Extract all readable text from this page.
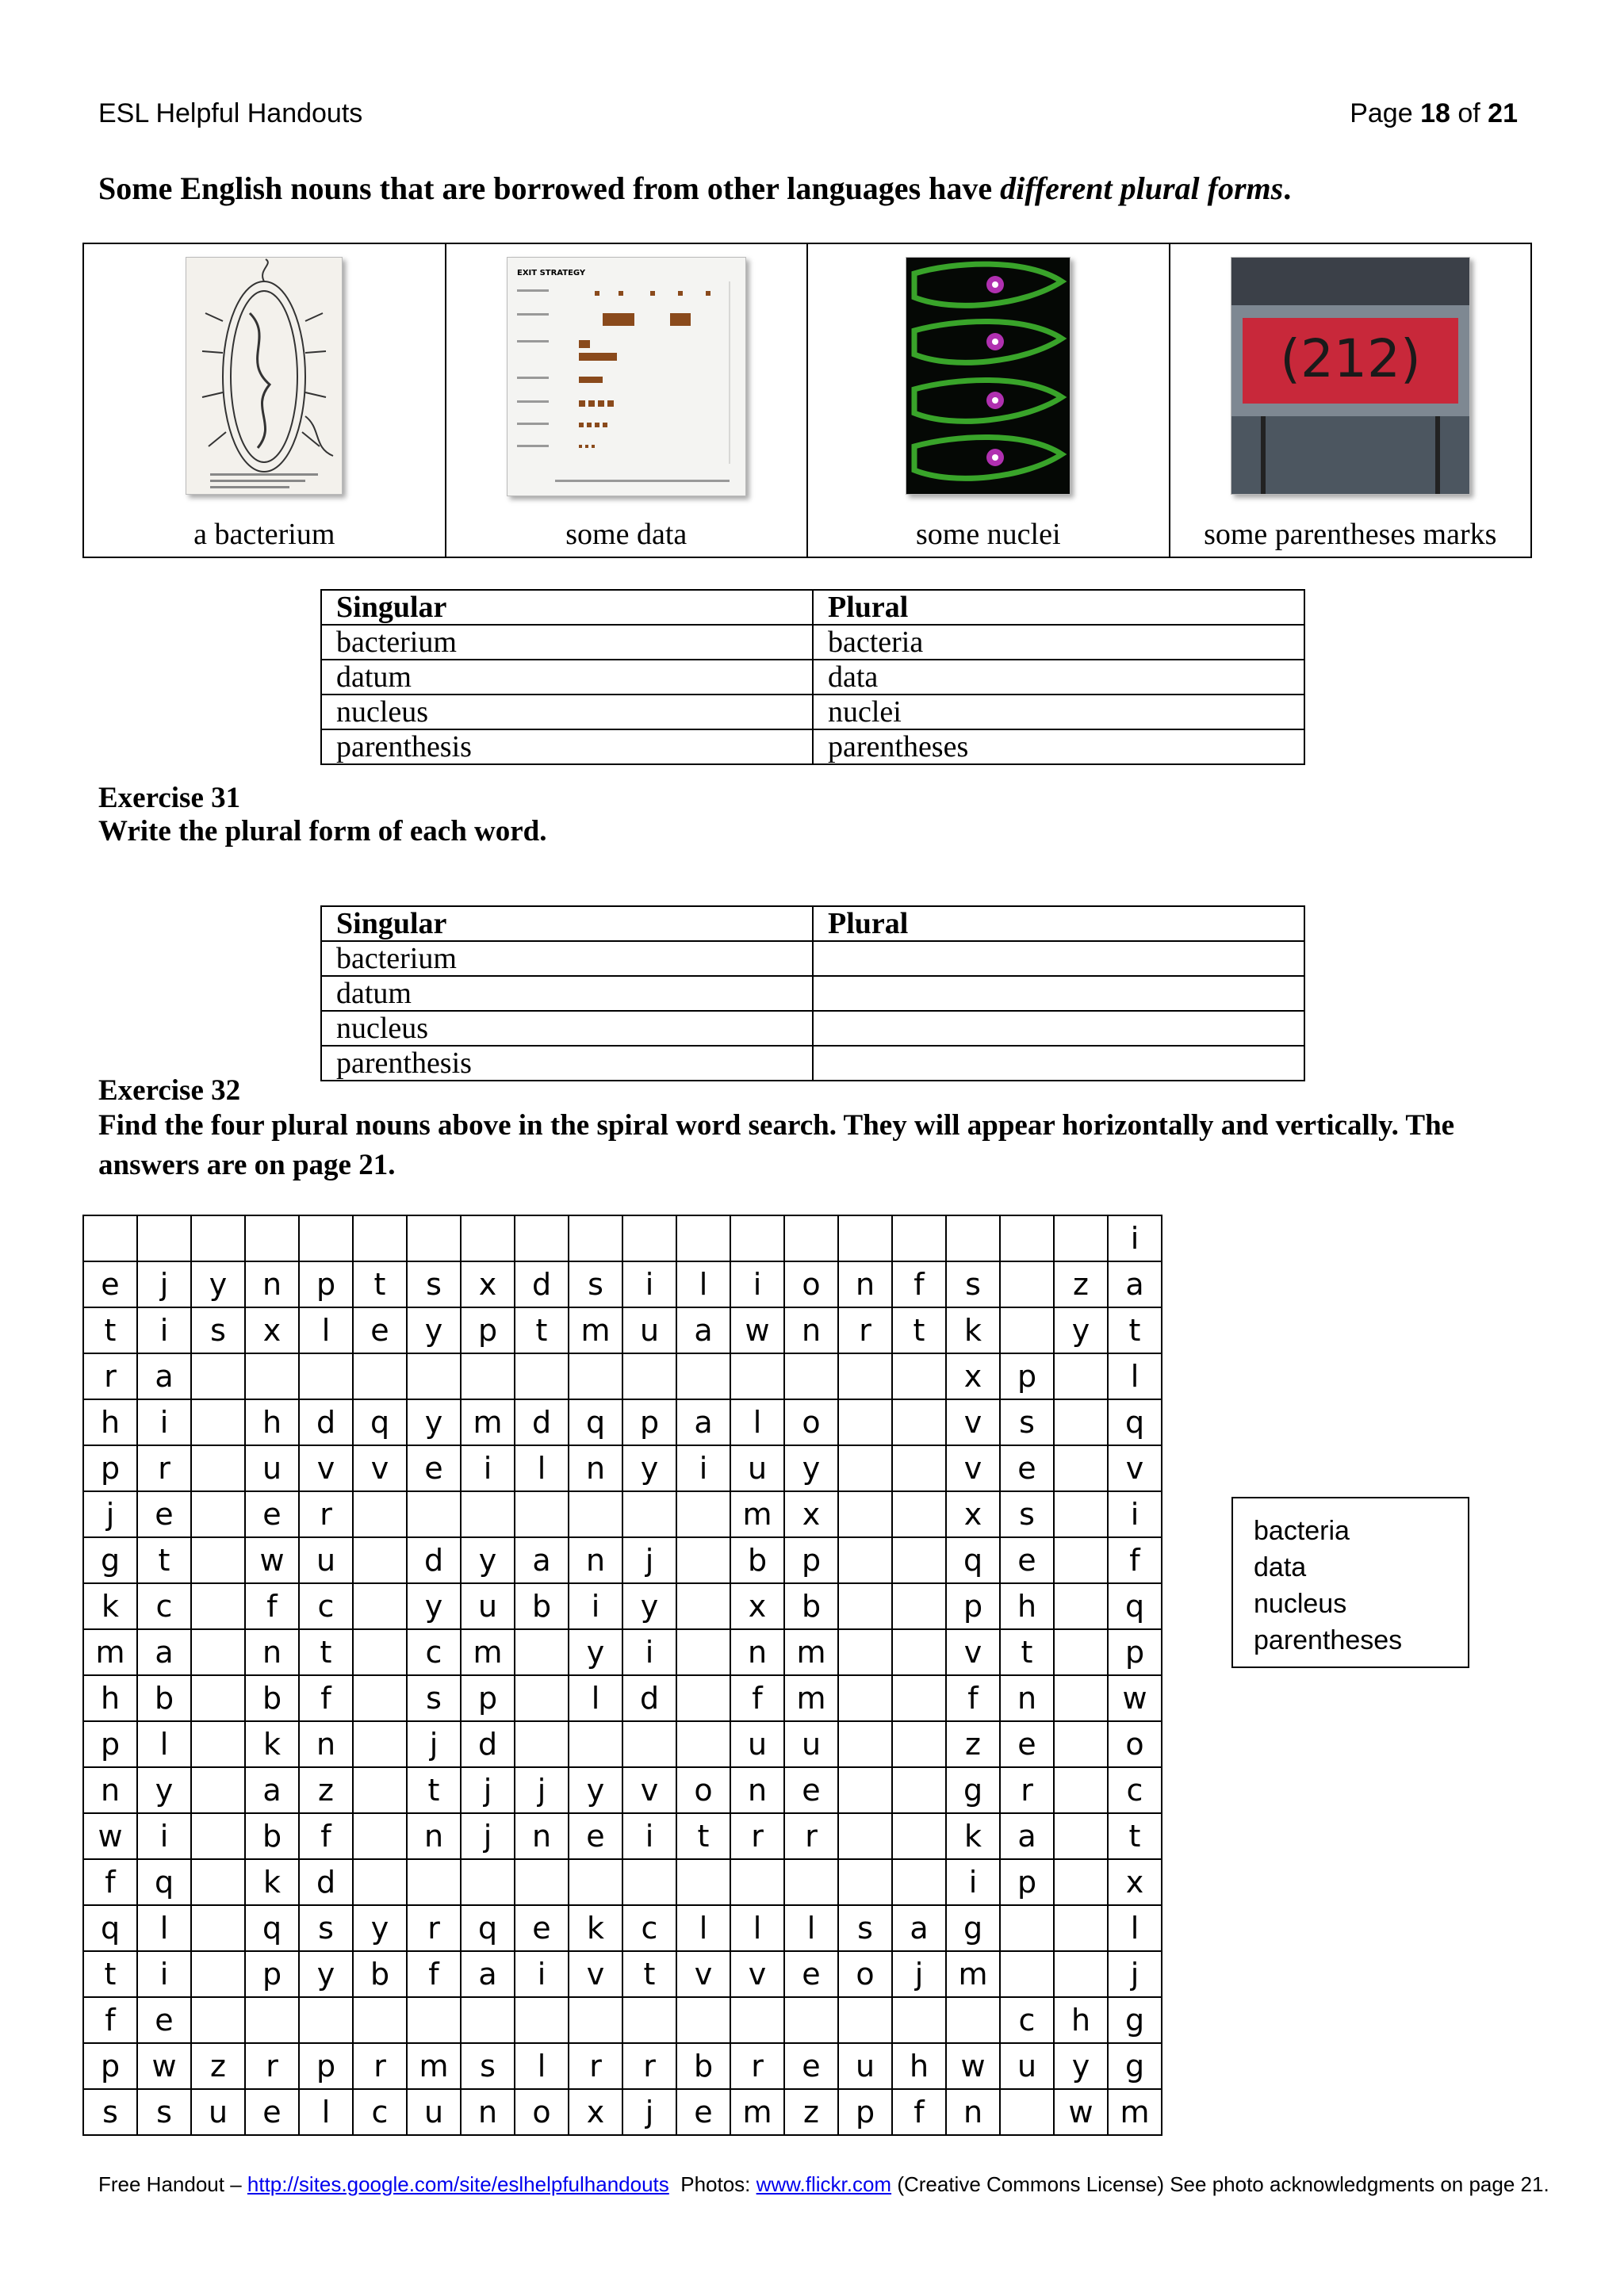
ESL Helpful Handouts	Page 18 of 21
Some English nouns that are borrowed from other languages have different plural forms.
a bacterium

EXIT STRATEGY
some data	some nuclei

(212)
some parentheses marks
Singular	Plural
bacterium	bacteria
datum	data
nucleus	nuclei
parenthesis	parentheses
Exercise 31
Write the plural form of each word.
Singular	Plural
bacterium	
datum	
nucleus	
parenthesis	
Exercise 32
Find the four plural nouns above in the spiral word search. They will appear horizontally and vertically. The answers are on page 21.
																			i
e	j	y	n	p	t	s	x	d	s	i	l	i	o	n	f	s		z	a
t	i	s	x	l	e	y	p	t	m	u	a	w	n	r	t	k		y	t
r	a															x	p		l
h	i		h	d	q	y	m	d	q	p	a	l	o			v	s		q
p	r		u	v	v	e	i	l	n	y	i	u	y			v	e		v
j	e		e	r								m	x			x	s		i
g	t		w	u		d	y	a	n	j		b	p			q	e		f
k	c		f	c		y	u	b	i	y		x	b			p	h		q
m	a		n	t		c	m		y	i		n	m			v	t		p
h	b		b	f		s	p		l	d		f	m			f	n		w
p	l		k	n		j	d					u	u			z	e		o
n	y		a	z		t	j	j	y	v	o	n	e			g	r		c
w	i		b	f		n	j	n	e	i	t	r	r			k	a		t
f	q		k	d												i	p		x
q	l		q	s	y	r	q	e	k	c	l	l	l	s	a	g			l
t	i		p	y	b	f	a	i	v	t	v	v	e	o	j	m			j
f	e																c	h	g
p	w	z	r	p	r	m	s	l	r	r	b	r	e	u	h	w	u	y	g
s	s	u	e	l	c	u	n	o	x	j	e	m	z	p	f	n		w	m
bacteria
data
nucleus
parentheses
Free Handout – http://sites.google.com/site/eslhelpfulhandouts  Photos: www.flickr.com (Creative Commons License) See photo acknowledgments on page 21.
